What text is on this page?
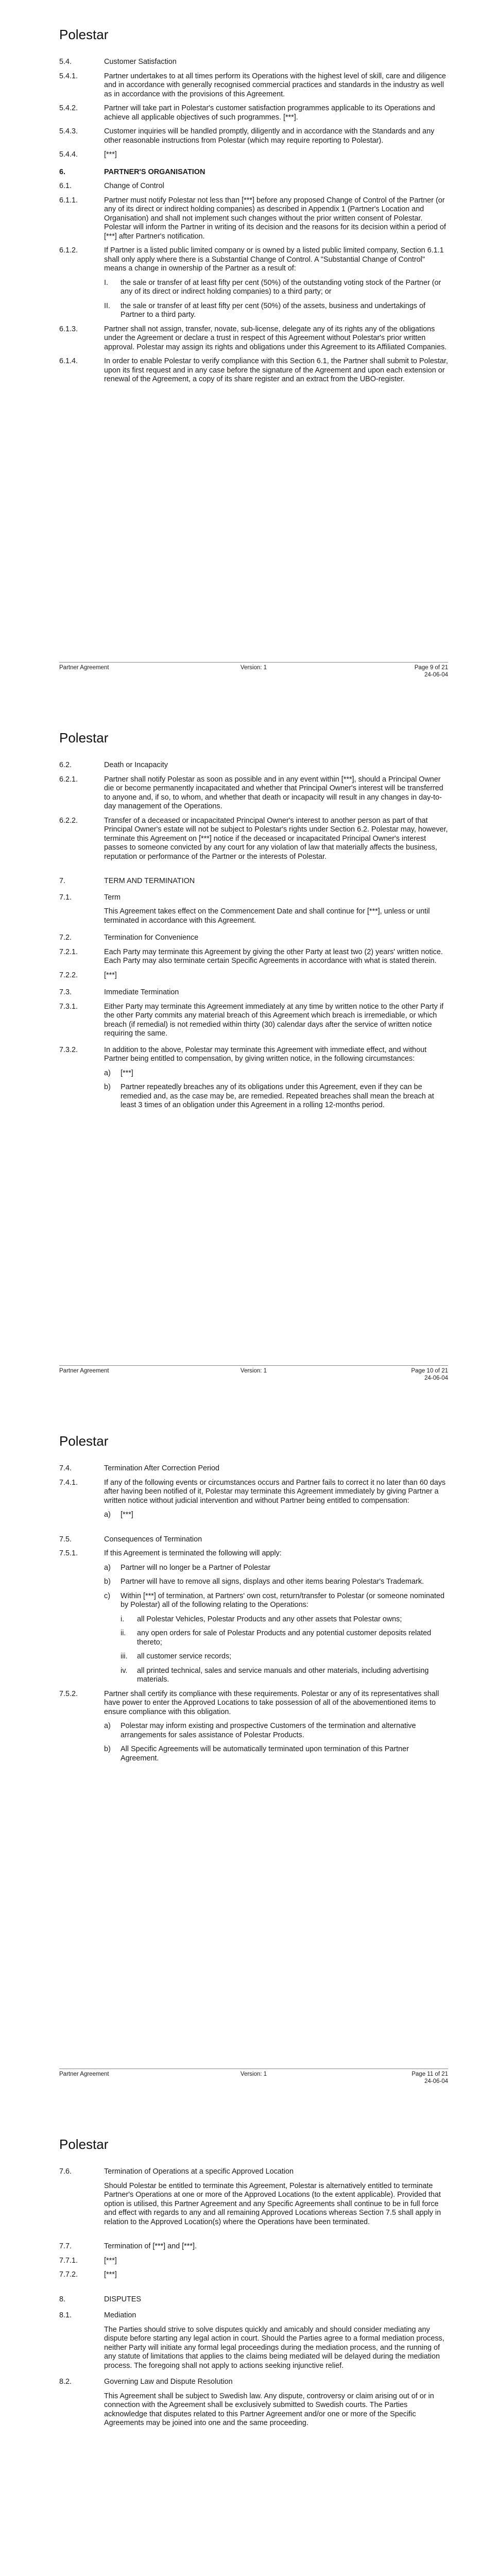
Polestar
5.4.	Customer Satisfaction
5.4.1.	Partner undertakes to at all times perform its Operations with the highest level of skill, care and diligence and in accordance with generally recognised commercial practices and standards in the industry as well as in accordance with the provisions of this Agreement.
5.4.2.	Partner will take part in Polestar's customer satisfaction programmes applicable to its Operations and achieve all applicable objectives of such programmes. [***].
5.4.3.	Customer inquiries will be handled promptly, diligently and in accordance with the Standards and any other reasonable instructions from Polestar (which may require reporting to Polestar).
5.4.4.	[***]
6.	PARTNER'S ORGANISATION
6.1.	Change of Control
6.1.1.	Partner must notify Polestar not less than [***] before any proposed Change of Control of the Partner (or any of its direct or indirect holding companies) as described in Appendix 1 (Partner's Location and Organisation) and shall not implement such changes without the prior written consent of Polestar. Polestar will inform the Partner in writing of its decision and the reasons for its decision within a period of [***] after Partner's notification.
6.1.2.	If Partner is a listed public limited company or is owned by a listed public limited company, Section 6.1.1 shall only apply where there is a Substantial Change of Control. A "Substantial Change of Control" means a change in ownership of the Partner as a result of:
I.	the sale or transfer of at least fifty per cent (50%) of the outstanding voting stock of the Partner (or any of its direct or indirect holding companies) to a third party; or
II.	the sale or transfer of at least fifty per cent (50%) of the assets, business and undertakings of Partner to a third party.
6.1.3.	Partner shall not assign, transfer, novate, sub-license, delegate any of its rights any of the obligations under the Agreement or declare a trust in respect of this Agreement without Polestar's prior written approval. Polestar may assign its rights and obligations under this Agreement to its Affiliated Companies.
6.1.4.	In order to enable Polestar to verify compliance with this Section 6.1, the Partner shall submit to Polestar, upon its first request and in any case before the signature of the Agreement and upon each extension or renewal of the Agreement, a copy of its share register and an extract from the UBO-register.
Partner Agreement	Version: 1	Page 9 of 21
24-06-04
Polestar
6.2.	Death or Incapacity
6.2.1.	Partner shall notify Polestar as soon as possible and in any event within [***], should a Principal Owner die or become permanently incapacitated and whether that Principal Owner's interest will be transferred to anyone and, if so, to whom, and whether that death or incapacity will result in any changes in day-to-day management of the Operations.
6.2.2.	Transfer of a deceased or incapacitated Principal Owner's interest to another person as part of that Principal Owner's estate will not be subject to Polestar's rights under Section 6.2. Polestar may, however, terminate this Agreement on [***] notice if the deceased or incapacitated Principal Owner's interest passes to someone convicted by any court for any violation of law that materially affects the business, reputation or performance of the Partner or the interests of Polestar.
7.	TERM AND TERMINATION
7.1.	Term
This Agreement takes effect on the Commencement Date and shall continue for [***], unless or until terminated in accordance with this Agreement.
7.2.	Termination for Convenience
7.2.1.	Each Party may terminate this Agreement by giving the other Party at least two (2) years' written notice. Each Party may also terminate certain Specific Agreements in accordance with what is stated therein.
7.2.2.	[***]
7.3.	Immediate Termination
7.3.1.	Either Party may terminate this Agreement immediately at any time by written notice to the other Party if the other Party commits any material breach of this Agreement which breach is irremediable, or which breach (if remedial) is not remedied within thirty (30) calendar days after the service of written notice requiring the same.
7.3.2.	In addition to the above, Polestar may terminate this Agreement with immediate effect, and without Partner being entitled to compensation, by giving written notice, in the following circumstances:
a)	[***]
b)	Partner repeatedly breaches any of its obligations under this Agreement, even if they can be remedied and, as the case may be, are remedied. Repeated breaches shall mean the breach at least 3 times of an obligation under this Agreement in a rolling 12-months period.
Partner Agreement	Version: 1	Page 10 of 21
24-06-04
Polestar
7.4.	Termination After Correction Period
7.4.1.	If any of the following events or circumstances occurs and Partner fails to correct it no later than 60 days after having been notified of it, Polestar may terminate this Agreement immediately by giving Partner a written notice without judicial intervention and without Partner being entitled to compensation:
a)	[***]
7.5.	Consequences of Termination
7.5.1.	If this Agreement is terminated the following will apply:
a)	Partner will no longer be a Partner of Polestar
b)	Partner will have to remove all signs, displays and other items bearing Polestar's Trademark.
c)	Within [***] of termination, at Partners' own cost, return/transfer to Polestar (or someone nominated by Polestar) all of the following relating to the Operations:
i.	all Polestar Vehicles, Polestar Products and any other assets that Polestar owns;
ii.	any open orders for sale of Polestar Products and any potential customer deposits related thereto;
iii.	all customer service records;
iv.	all printed technical, sales and service manuals and other materials, including advertising materials.
7.5.2.	Partner shall certify its compliance with these requirements. Polestar or any of its representatives shall have power to enter the Approved Locations to take possession of all of the abovementioned items to ensure compliance with this obligation.
a)	Polestar may inform existing and prospective Customers of the termination and alternative arrangements for sales assistance of Polestar Products.
b)	All Specific Agreements will be automatically terminated upon termination of this Partner Agreement.
Partner Agreement	Version: 1	Page 11 of 21
24-06-04
Polestar
7.6.	Termination of Operations at a specific Approved Location
Should Polestar be entitled to terminate this Agreement, Polestar is alternatively entitled to terminate Partner's Operations at one or more of the Approved Locations (to the extent applicable). Provided that option is utilised, this Partner Agreement and any Specific Agreements shall continue to be in full force and effect with regards to any and all remaining Approved Locations whereas Section 7.5 shall apply in relation to the Approved Location(s) where the Operations have been terminated.
7.7.	Termination of [***] and [***].
7.7.1.	[***]
7.7.2.	[***]
8.	DISPUTES
8.1.	Mediation
The Parties should strive to solve disputes quickly and amicably and should consider mediating any dispute before starting any legal action in court. Should the Parties agree to a formal mediation process, neither Party will initiate any formal legal proceedings during the mediation process, and the running of any statute of limitations that applies to the claims being mediated will be delayed during the mediation process. The foregoing shall not apply to actions seeking injunctive relief.
8.2.	Governing Law and Dispute Resolution
This Agreement shall be subject to Swedish law. Any dispute, controversy or claim arising out of or in connection with the Agreement shall be exclusively submitted to Swedish courts. The Parties acknowledge that disputes related to this Partner Agreement and/or one or more of the Specific Agreements may be joined into one and the same proceeding.
